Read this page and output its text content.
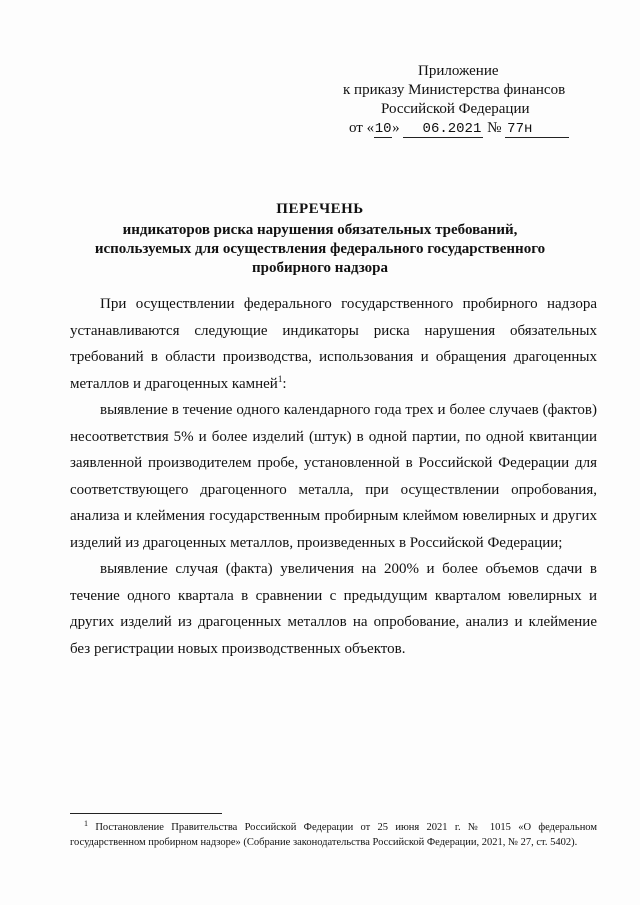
Приложение
к приказу Министерства финансов
Российской Федерации
от «10» 06.2021 № 77н
ПЕРЕЧЕНЬ
индикаторов риска нарушения обязательных требований,
используемых для осуществления федерального государственного
пробирного надзора

При осуществлении федерального государственного пробирного надзора устанавливаются следующие индикаторы риска нарушения обязательных требований в области производства, использования и обращения драгоценных металлов и драгоценных камней$^1$:

выявление в течение одного календарного года трех и более случаев (фактов) несоответствия 5% и более изделий (штук) в одной партии, по одной квитанции заявленной производителем пробе, установленной в Российской Федерации для соответствующего драгоценного металла, при осуществлении опробования, анализа и клеймения государственным пробирным клеймом ювелирных и других изделий из драгоценных металлов, произведенных в Российской Федерации;

выявление случая (факта) увеличения на 200% и более объемов сдачи в течение одного квартала в сравнении с предыдущим кварталом ювелирных и других изделий из драгоценных металлов на опробование, анализ и клеймение без регистрации новых производственных объектов.

$^1$ Постановление Правительства Российской Федерации от 25 июня 2021 г. № 1015 «О федеральном государственном пробирном надзоре» (Собрание законодательства Российской Федерации, 2021, № 27, ст. 5402).
